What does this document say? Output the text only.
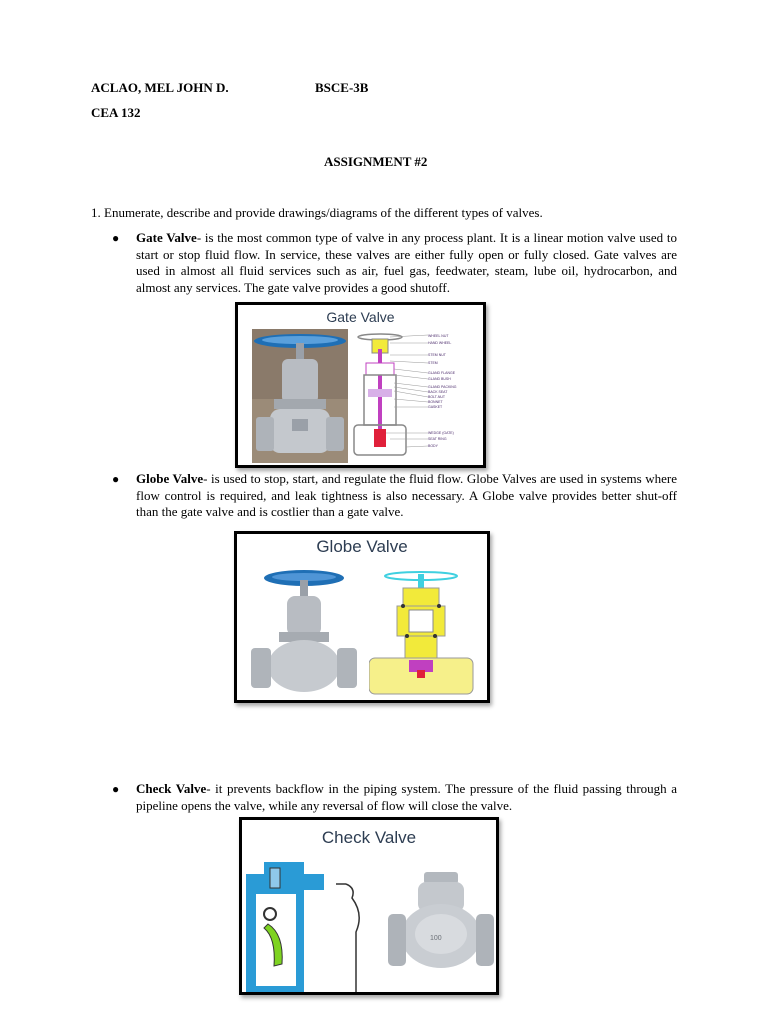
ACLAO, MEL JOHN D.	BSCE-3B
CEA 132
ASSIGNMENT #2
1. Enumerate, describe and provide drawings/diagrams of the different types of valves.
● Gate Valve- is the most common type of valve in any process plant. It is a linear motion valve used to start or stop fluid flow. In service, these valves are either fully open or fully closed. Gate valves are used in almost all fluid services such as air, fuel gas, feedwater, steam, lube oil, hydrocarbon, and almost any services. The gate valve provides a good shutoff.

Gate Valve
WHEEL NUT
HAND WHEEL
STEM NUT
STEM
GLAND FLANGE
GLAND BUSH
GLAND PACKING
BACK SEAT
BOLT-NUT
BONNET
GASKET
WEDGE (GATE)
SEAT RING
BODY
● Globe Valve- is used to stop, start, and regulate the fluid flow. Globe Valves are used in systems where flow control is required, and leak tightness is also necessary. A Globe valve provides better shut-off than the gate valve and is costlier than a gate valve.

Globe Valve
● Check Valve- it prevents backflow in the piping system. The pressure of the fluid passing through a pipeline opens the valve, while any reversal of flow will close the valve.

Check Valve
100
